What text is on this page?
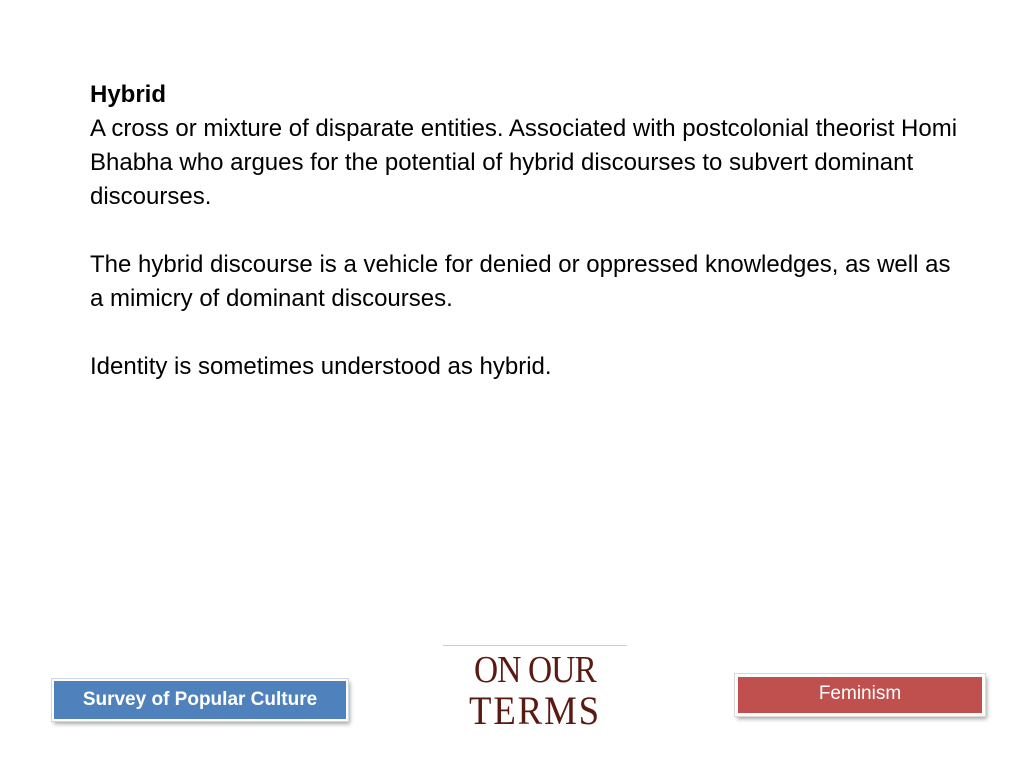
Hybrid

A cross or mixture of disparate entities. Associated with postcolonial theorist Homi Bhabha who argues for the potential of hybrid discourses to subvert dominant discourses.

The hybrid discourse is a vehicle for denied or oppressed knowledges, as well as a mimicry of dominant discourses.

Identity is sometimes understood as hybrid.

Survey of Popular Culture
ON OUR
TERMS	Feminism
